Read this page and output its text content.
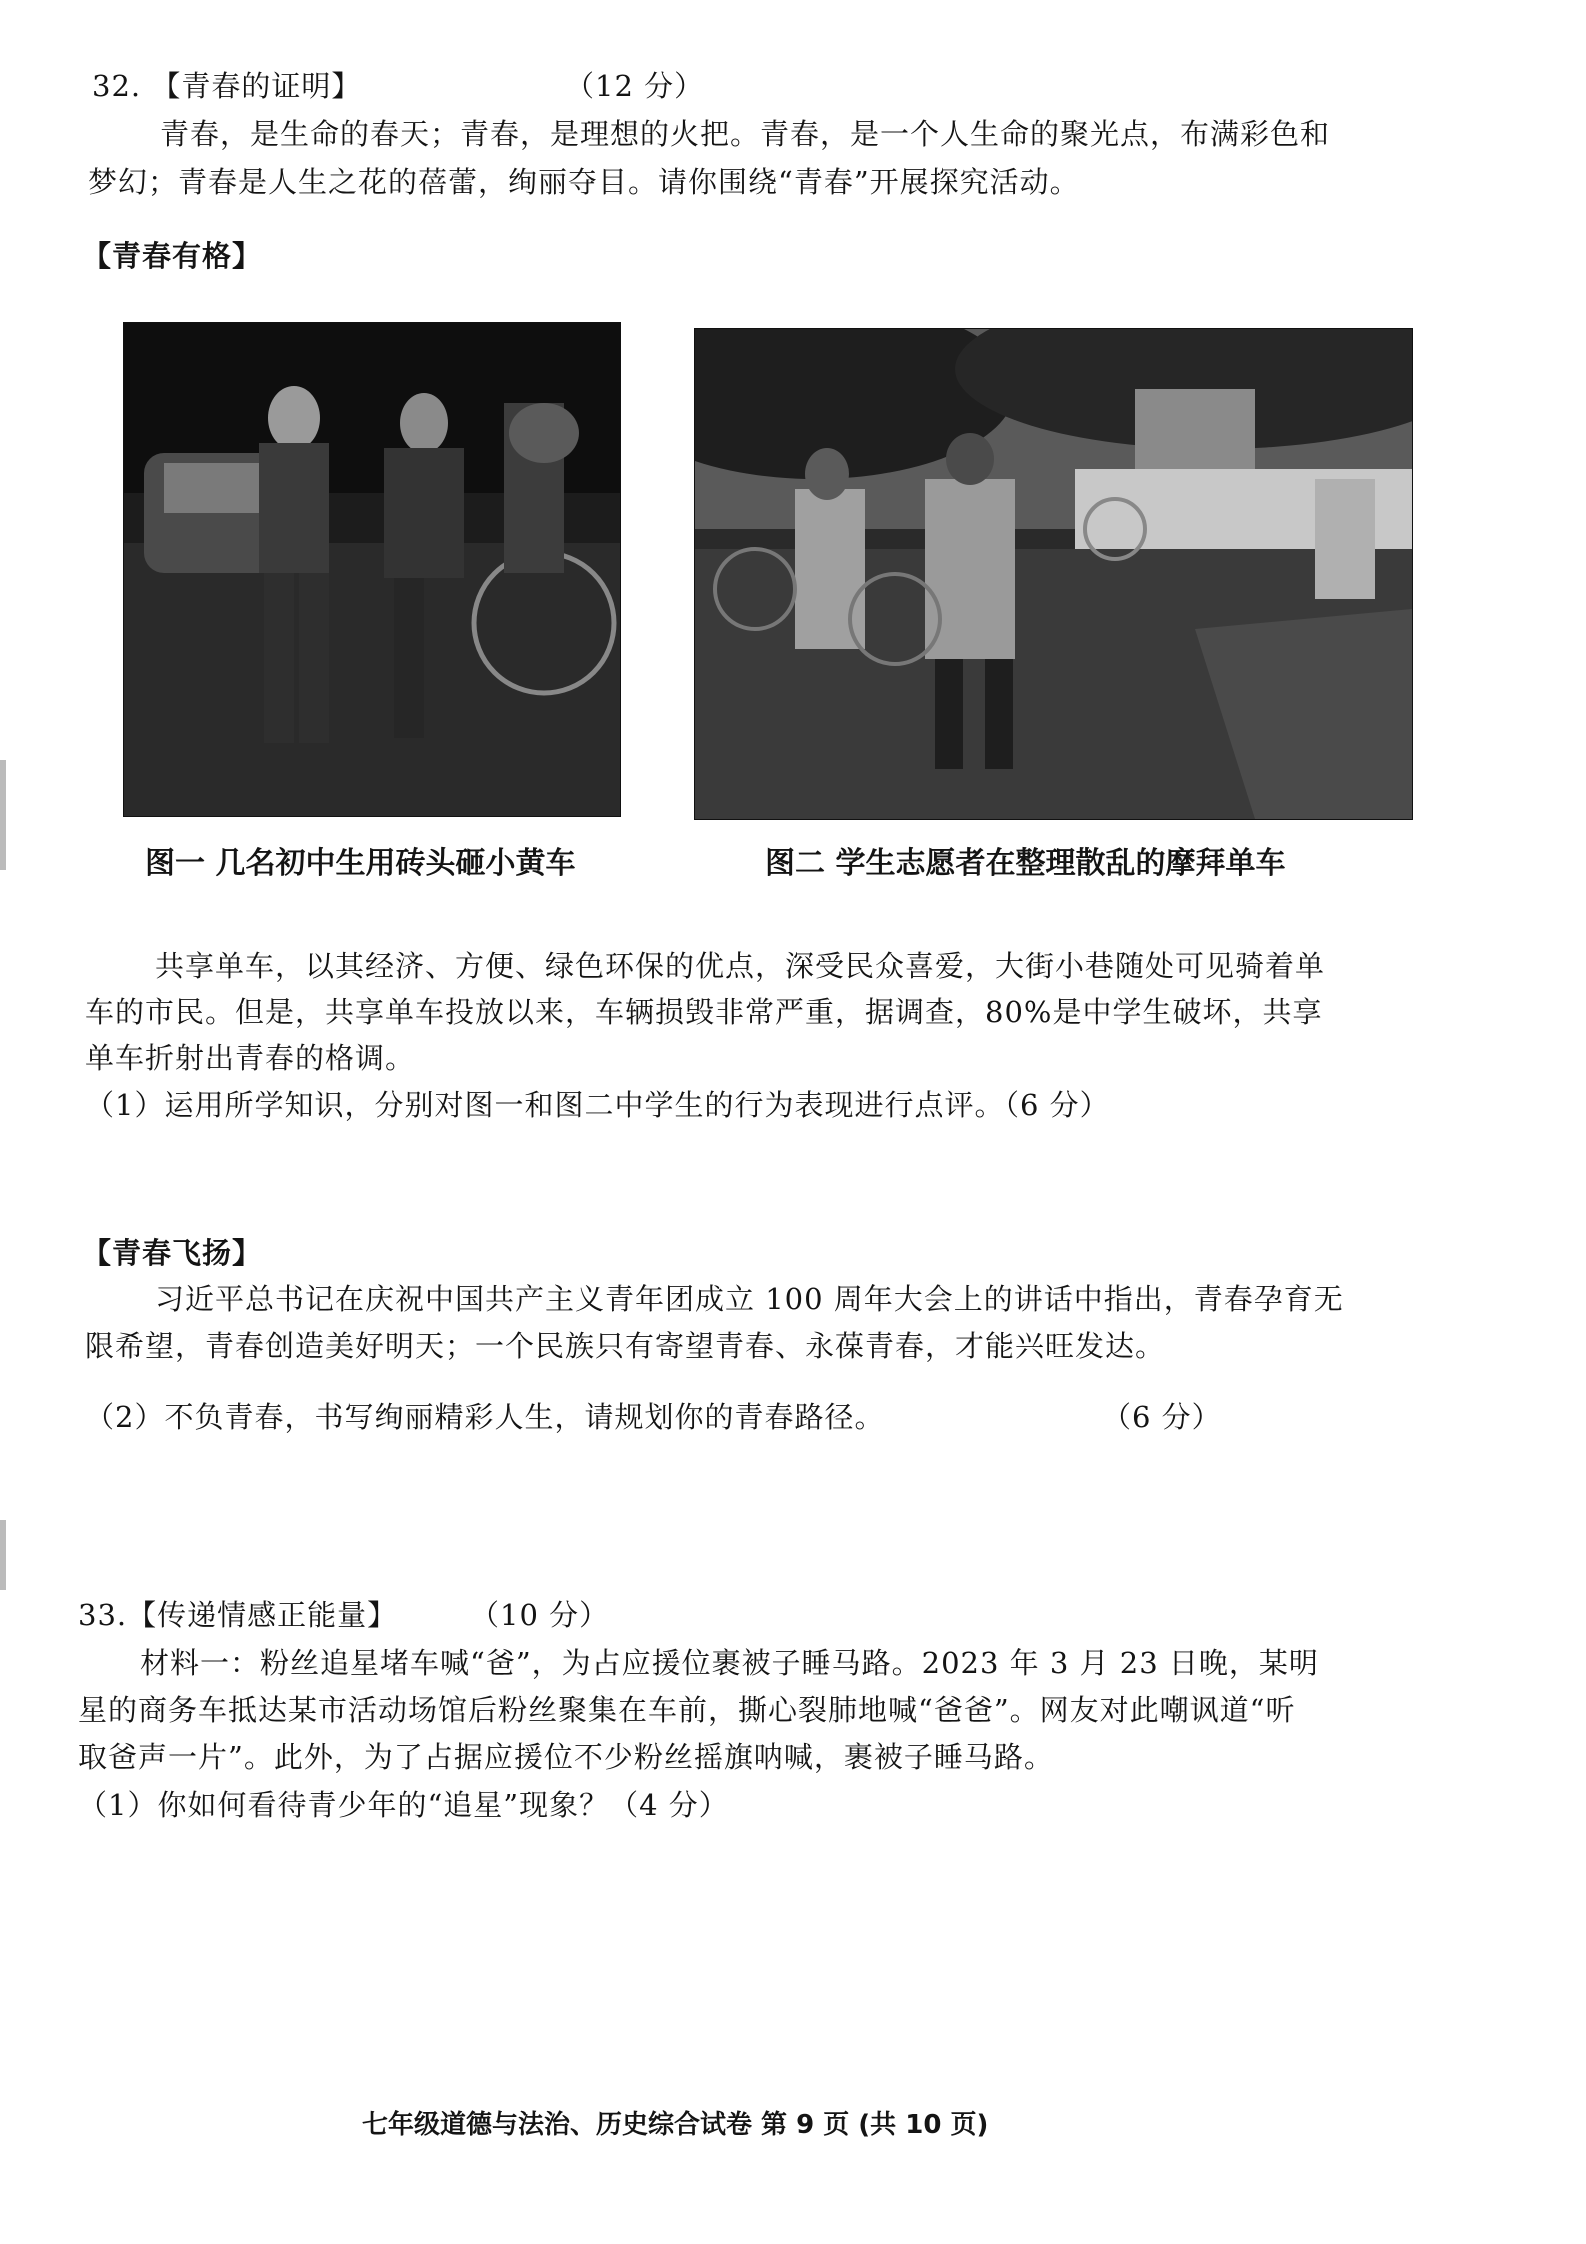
32. 【青春的证明】	（12 分）
青春，是生命的春天；青春，是理想的火把。青春，是一个人生命的聚光点，布满彩色和
梦幻；青春是人生之花的蓓蕾，绚丽夺目。请你围绕“青春”开展探究活动。
【青春有格】
图一 几名初中生用砖头砸小黄车	图二 学生志愿者在整理散乱的摩拜单车
共享单车，以其经济、方便、绿色环保的优点，深受民众喜爱，大街小巷随处可见骑着单
车的市民。但是，共享单车投放以来，车辆损毁非常严重，据调查，80%是中学生破坏，共享
单车折射出青春的格调。
（1）运用所学知识，分别对图一和图二中学生的行为表现进行点评。（6 分）
【青春飞扬】
习近平总书记在庆祝中国共产主义青年团成立 100 周年大会上的讲话中指出，青春孕育无
限希望，青春创造美好明天；一个民族只有寄望青春、永葆青春，才能兴旺发达。
（2）不负青春，书写绚丽精彩人生，请规划你的青春路径。	（6 分）
33.【传递情感正能量】	（10 分）
材料一：粉丝追星堵车喊“爸”，为占应援位裹被子睡马路。2023 年 3 月 23 日晚，某明
星的商务车抵达某市活动场馆后粉丝聚集在车前，撕心裂肺地喊“爸爸”。网友对此嘲讽道“听
取爸声一片”。此外，为了占据应援位不少粉丝摇旗呐喊，裹被子睡马路。
（1）你如何看待青少年的“追星”现象？（4 分）
七年级道德与法治、历史综合试卷 第 9 页 (共 10 页)
